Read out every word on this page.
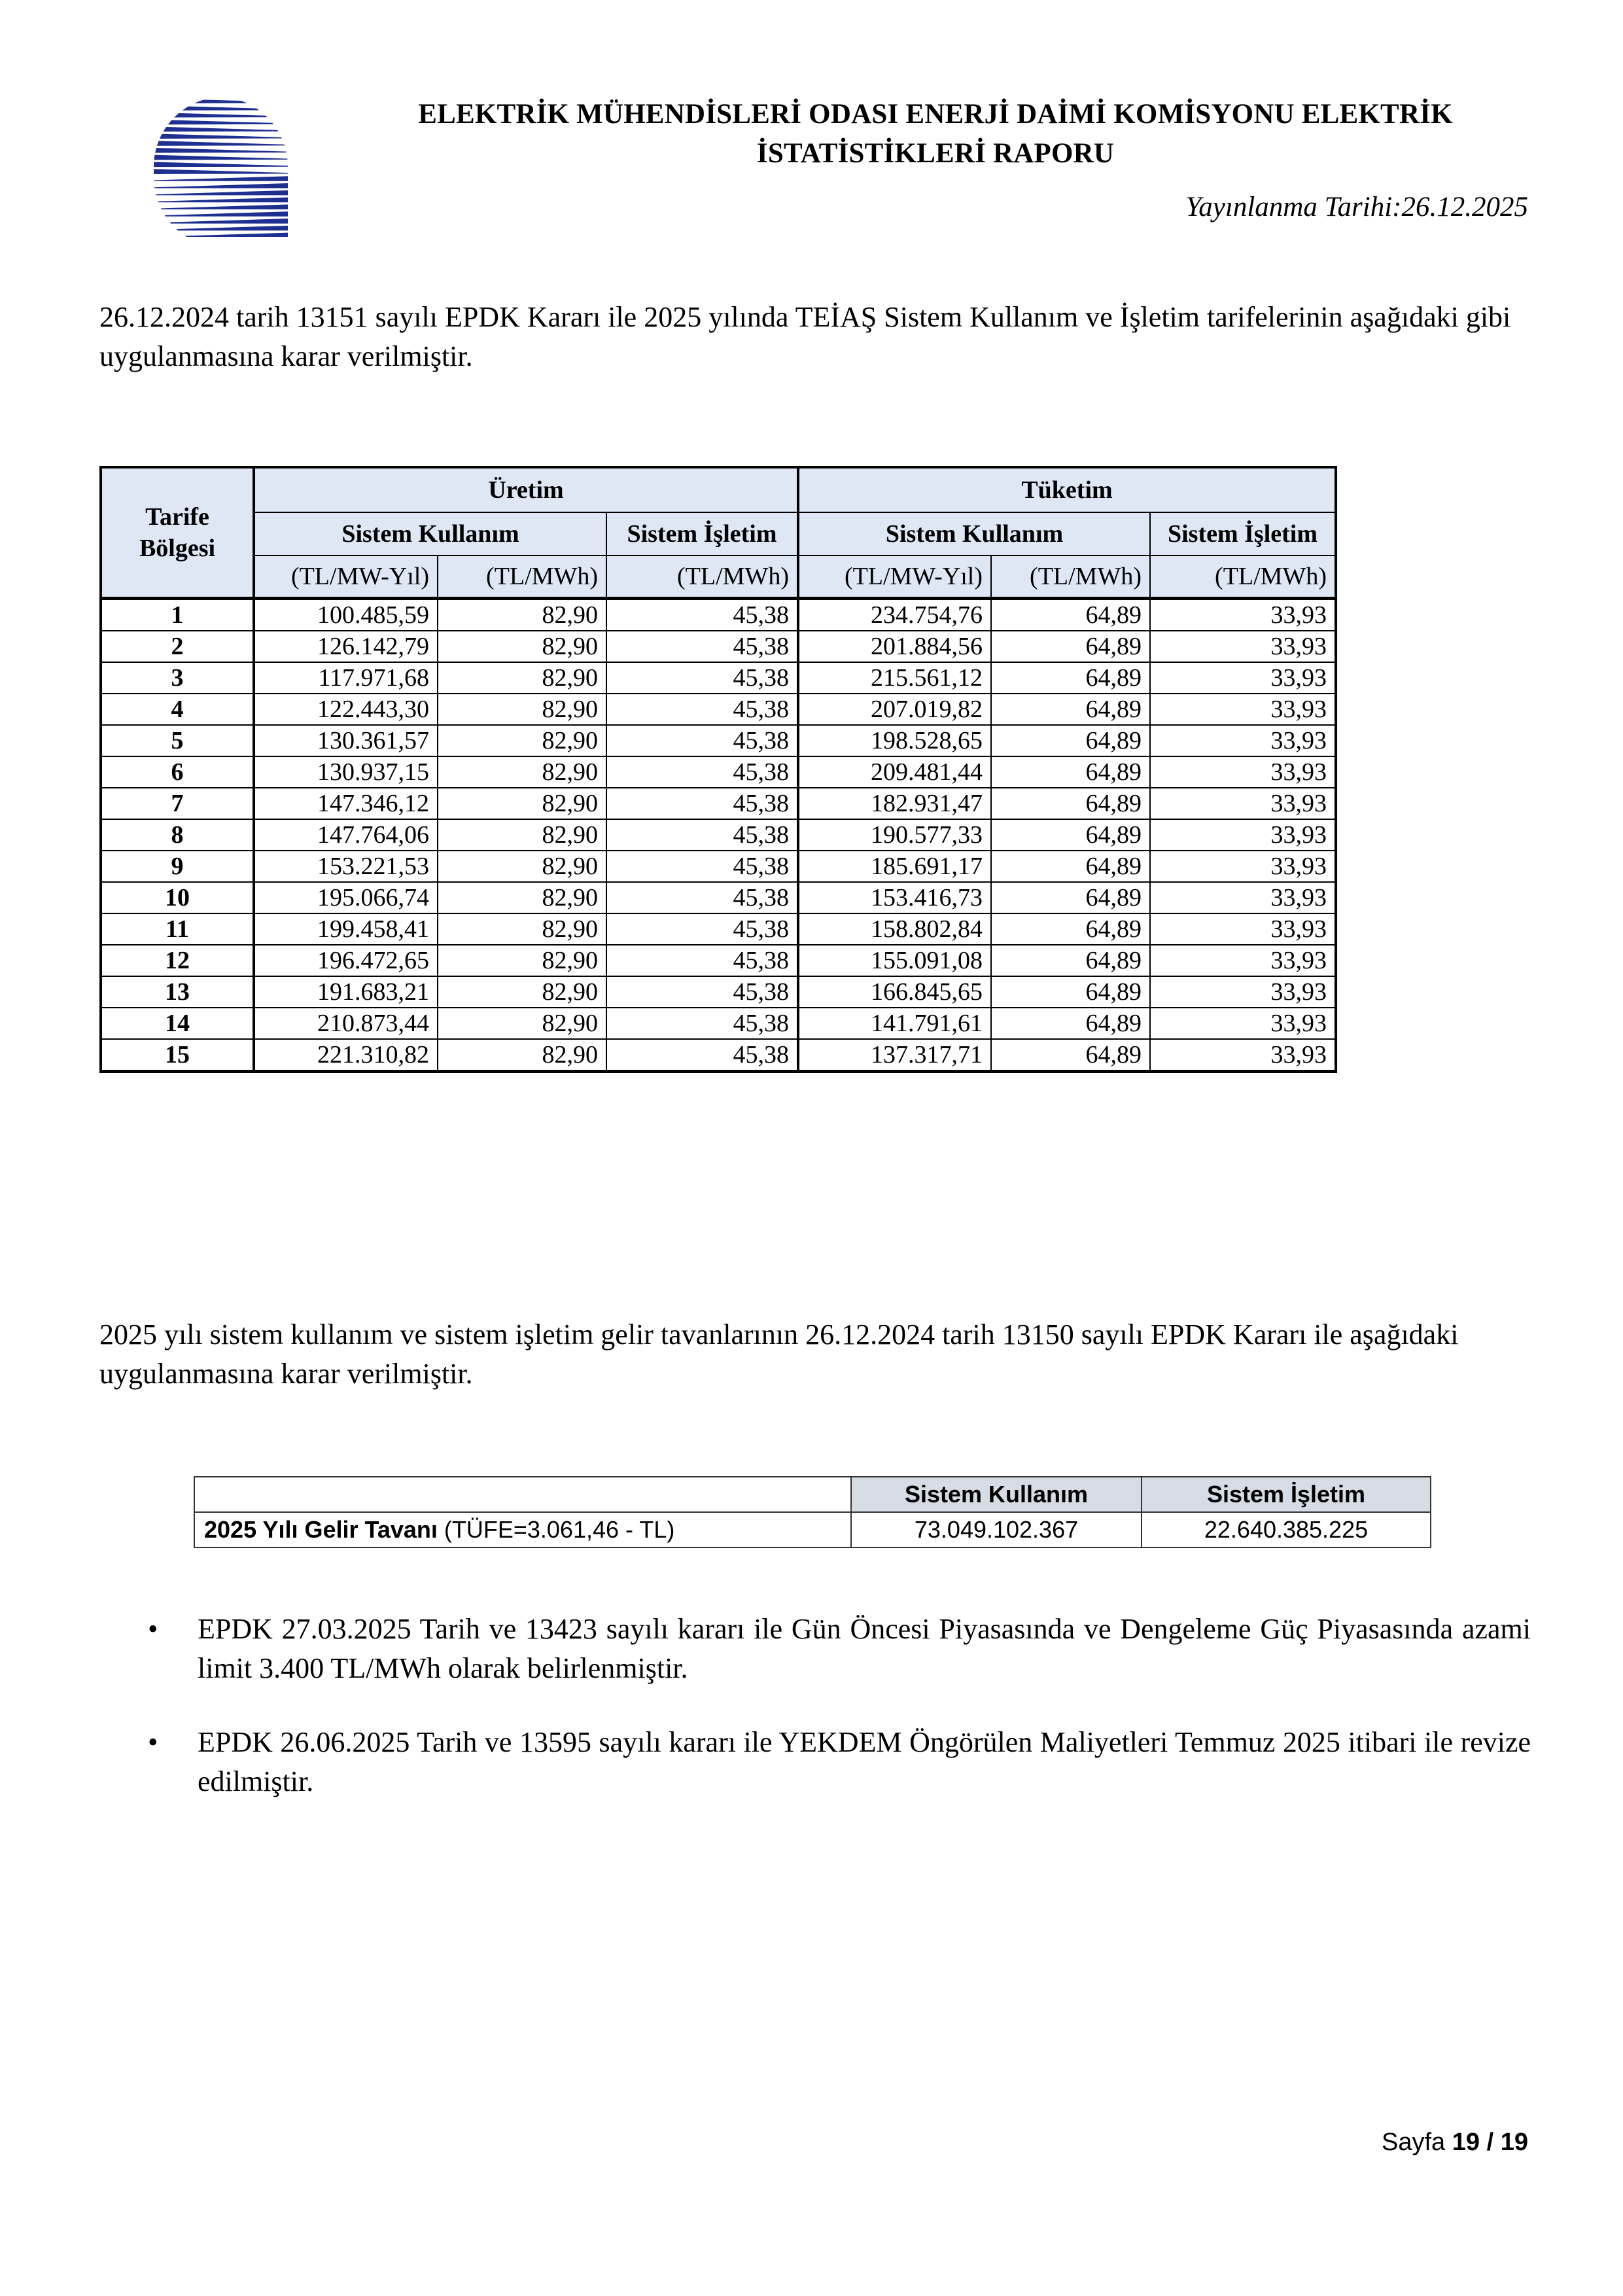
ELEKTRİK MÜHENDİSLERİ ODASI ENERJİ DAİMİ KOMİSYONU ELEKTRİK
İSTATİSTİKLERİ RAPORU
Yayınlanma Tarihi:26.12.2025
26.12.2024 tarih 13151 sayılı EPDK Kararı ile 2025 yılında TEİAŞ Sistem Kullanım ve İşletim tarifelerinin aşağıdaki gibi uygulanmasına karar verilmiştir.
Tarife Bölgesi	Üretim			Tüketim		
	Sistem Kullanım		Sistem İşletim	Sistem Kullanım		Sistem İşletim
	(TL/MW-Yıl)	(TL/MWh)	(TL/MWh)	(TL/MW-Yıl)	(TL/MWh)	(TL/MWh)
1	100.485,59	82,90	45,38	234.754,76	64,89	33,93
2	126.142,79	82,90	45,38	201.884,56	64,89	33,93
3	117.971,68	82,90	45,38	215.561,12	64,89	33,93
4	122.443,30	82,90	45,38	207.019,82	64,89	33,93
5	130.361,57	82,90	45,38	198.528,65	64,89	33,93
6	130.937,15	82,90	45,38	209.481,44	64,89	33,93
7	147.346,12	82,90	45,38	182.931,47	64,89	33,93
8	147.764,06	82,90	45,38	190.577,33	64,89	33,93
9	153.221,53	82,90	45,38	185.691,17	64,89	33,93
10	195.066,74	82,90	45,38	153.416,73	64,89	33,93
11	199.458,41	82,90	45,38	158.802,84	64,89	33,93
12	196.472,65	82,90	45,38	155.091,08	64,89	33,93
13	191.683,21	82,90	45,38	166.845,65	64,89	33,93
14	210.873,44	82,90	45,38	141.791,61	64,89	33,93
15	221.310,82	82,90	45,38	137.317,71	64,89	33,93
2025 yılı sistem kullanım ve sistem işletim gelir tavanlarının 26.12.2024 tarih 13150 sayılı EPDK Kararı ile aşağıdaki uygulanmasına karar verilmiştir.
	Sistem Kullanım	Sistem İşletim
2025 Yılı Gelir Tavanı (TÜFE=3.061,46 - TL)	73.049.102.367	22.640.385.225
•	EPDK 27.03.2025 Tarih ve 13423 sayılı kararı ile Gün Öncesi Piyasasında ve Dengeleme Güç Piyasasında azami limit 3.400 TL/MWh olarak belirlenmiştir.
•	EPDK 26.06.2025 Tarih ve 13595 sayılı kararı ile YEKDEM Öngörülen Maliyetleri Temmuz 2025 itibari ile revize edilmiştir.
Sayfa 19 / 19
